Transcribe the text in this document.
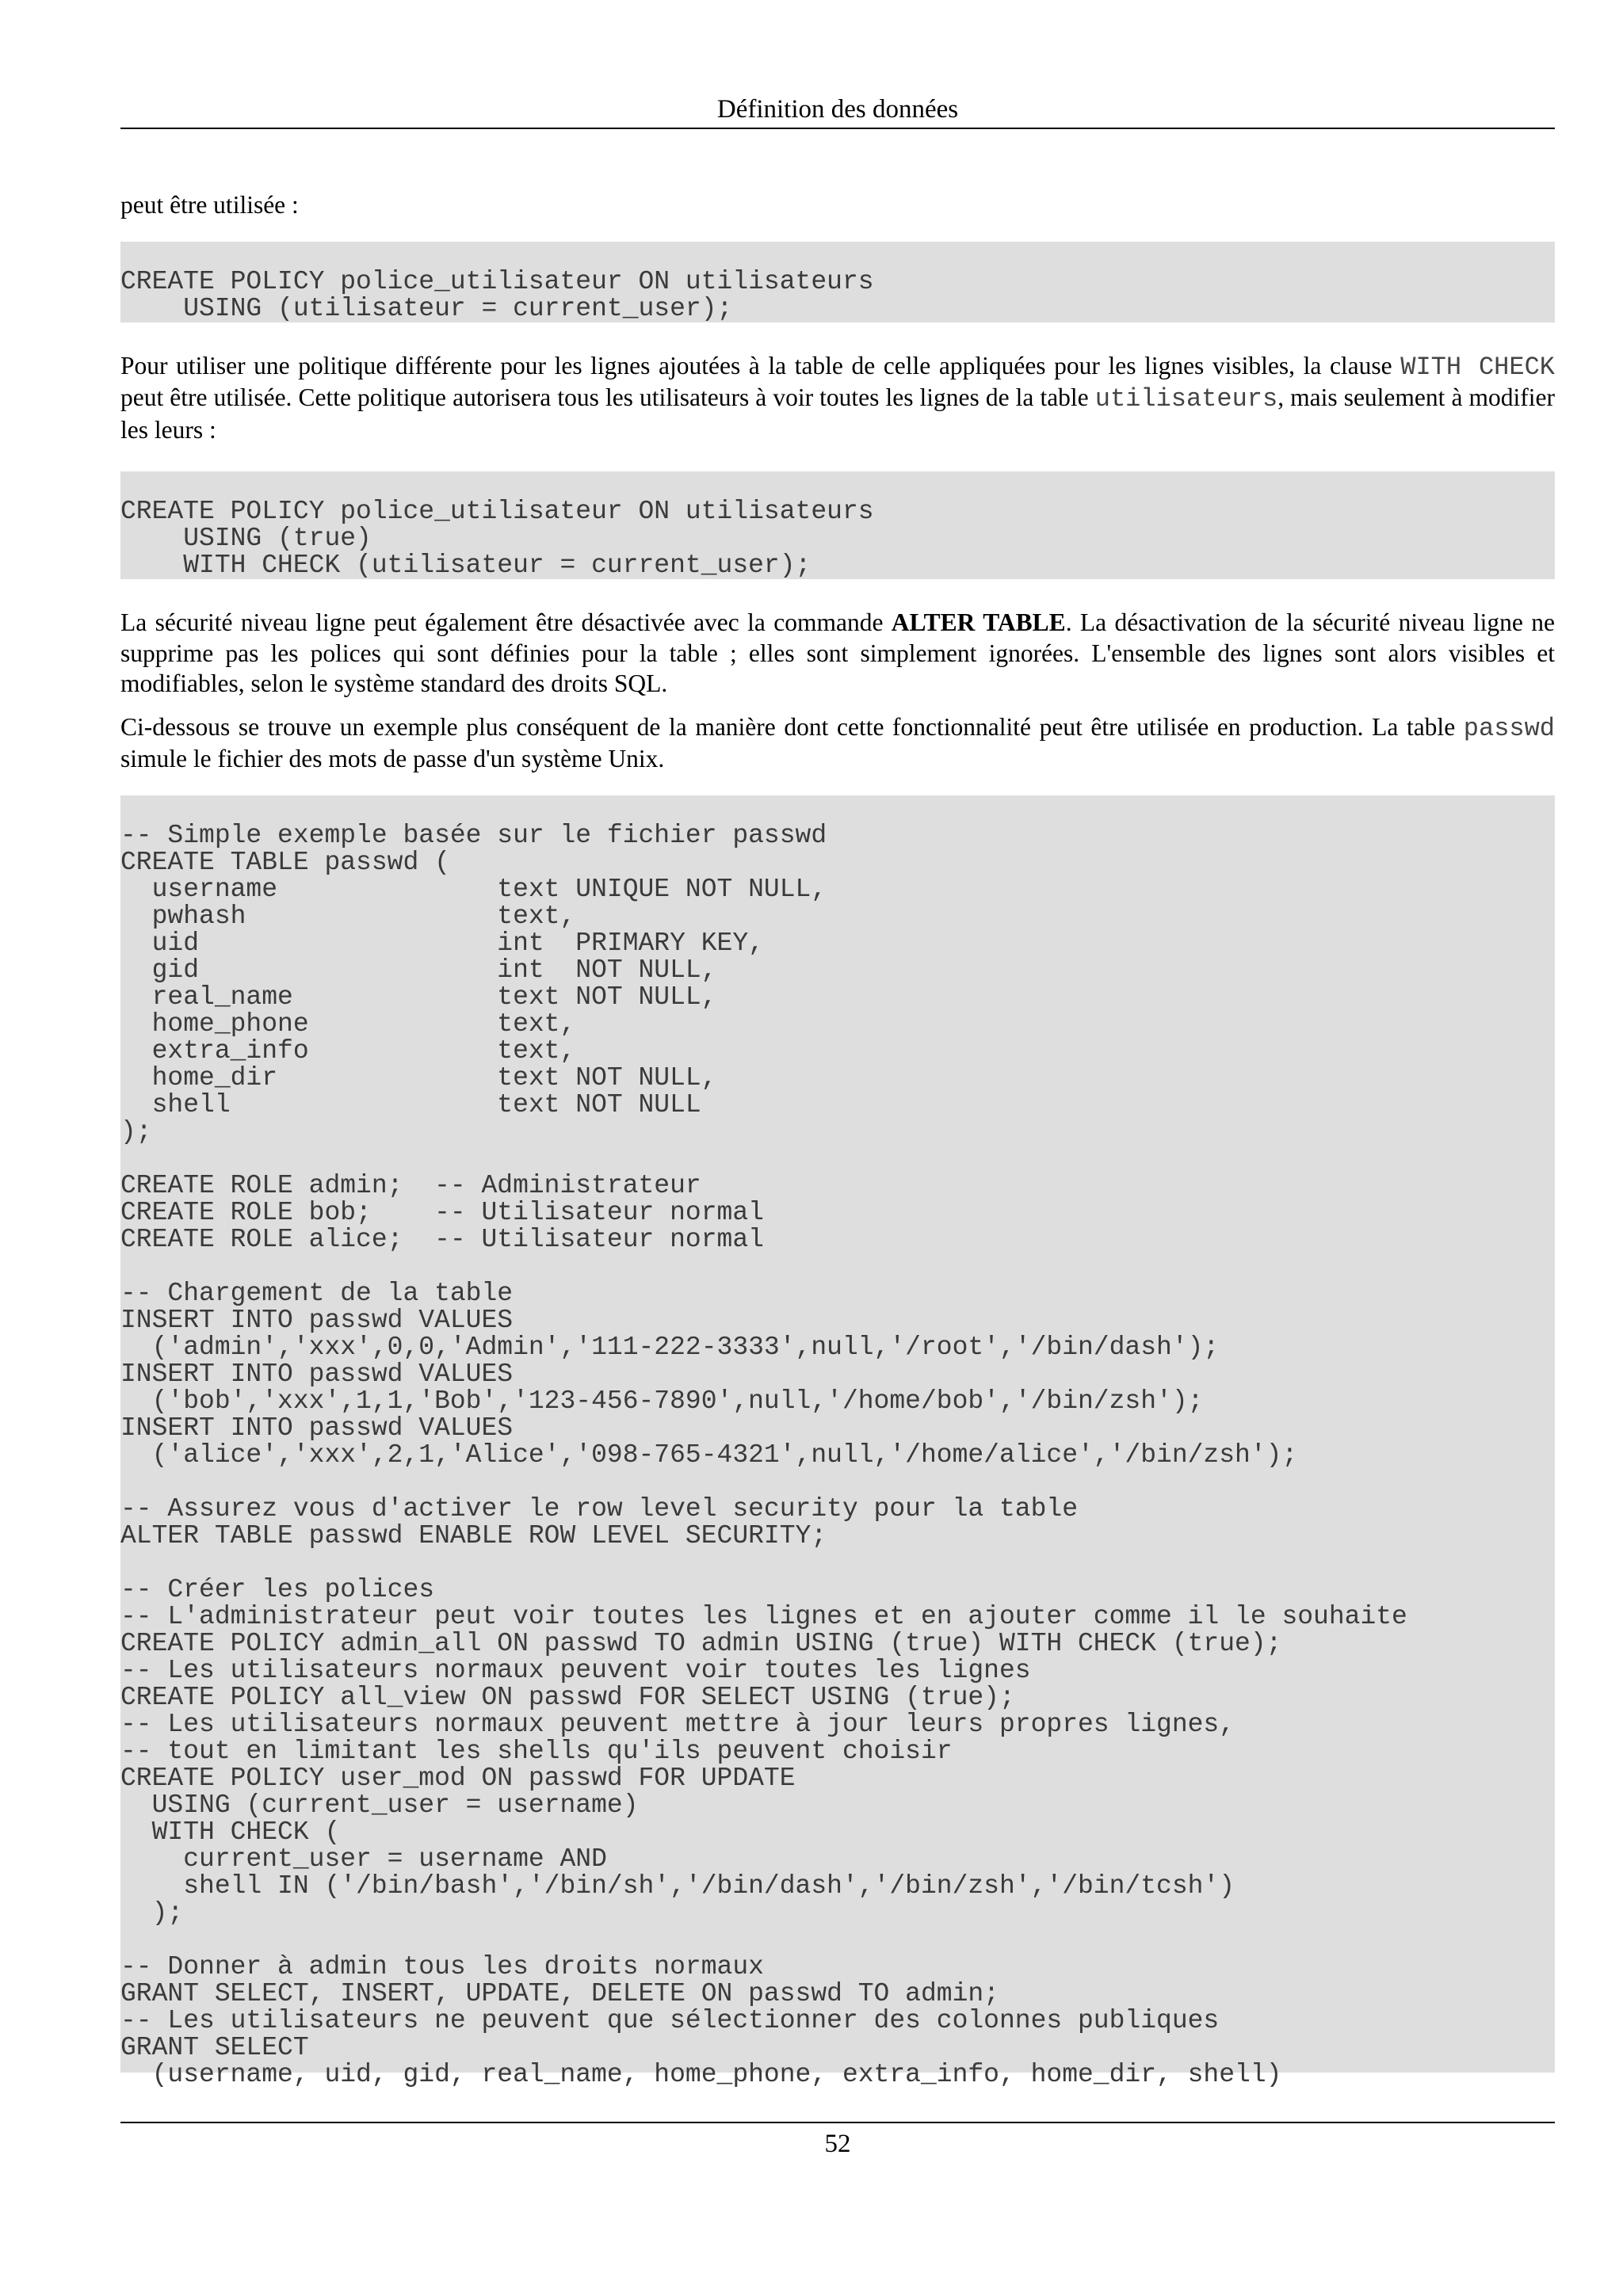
Définition des données

peut être utilisée :

CREATE POLICY police_utilisateur ON utilisateurs
USING (utilisateur = current_user);

Pour utiliser une politique différente pour les lignes ajoutées à la table de celle appliquées pour les lignes visibles, la clause WITH CHECK peut être utilisée. Cette politique autorisera tous les utilisateurs à voir toutes les lignes de la table utilisateurs, mais seulement à modifier les leurs :

CREATE POLICY police_utilisateur ON utilisateurs
USING (true)
WITH CHECK (utilisateur = current_user);

La sécurité niveau ligne peut également être désactivée avec la commande ALTER TABLE. La désactivation de la sécurité niveau ligne ne supprime pas les polices qui sont définies pour la table ; elles sont simplement ignorées. L'ensemble des lignes sont alors visibles et modifiables, selon le système standard des droits SQL.

Ci-dessous se trouve un exemple plus conséquent de la manière dont cette fonctionnalité peut être utilisée en production. La table passwd simule le fichier des mots de passe d'un système Unix.

-- Simple exemple basée sur le fichier passwd
CREATE TABLE passwd (
username              text UNIQUE NOT NULL,
pwhash                text,
uid                   int  PRIMARY KEY,
gid                   int  NOT NULL,
real_name             text NOT NULL,
home_phone            text,
extra_info            text,
home_dir              text NOT NULL,
shell                 text NOT NULL
);

CREATE ROLE admin;  -- Administrateur
CREATE ROLE bob;    -- Utilisateur normal
CREATE ROLE alice;  -- Utilisateur normal

-- Chargement de la table
INSERT INTO passwd VALUES
('admin','xxx',0,0,'Admin','111-222-3333',null,'/root','/bin/dash');
INSERT INTO passwd VALUES
('bob','xxx',1,1,'Bob','123-456-7890',null,'/home/bob','/bin/zsh');
INSERT INTO passwd VALUES
('alice','xxx',2,1,'Alice','098-765-4321',null,'/home/alice','/bin/zsh');

-- Assurez vous d'activer le row level security pour la table
ALTER TABLE passwd ENABLE ROW LEVEL SECURITY;

-- Créer les polices
-- L'administrateur peut voir toutes les lignes et en ajouter comme il le souhaite
CREATE POLICY admin_all ON passwd TO admin USING (true) WITH CHECK (true);
-- Les utilisateurs normaux peuvent voir toutes les lignes
CREATE POLICY all_view ON passwd FOR SELECT USING (true);
-- Les utilisateurs normaux peuvent mettre à jour leurs propres lignes,
-- tout en limitant les shells qu'ils peuvent choisir
CREATE POLICY user_mod ON passwd FOR UPDATE
USING (current_user = username)
WITH CHECK (
current_user = username AND
shell IN ('/bin/bash','/bin/sh','/bin/dash','/bin/zsh','/bin/tcsh')
);

-- Donner à admin tous les droits normaux
GRANT SELECT, INSERT, UPDATE, DELETE ON passwd TO admin;
-- Les utilisateurs ne peuvent que sélectionner des colonnes publiques
GRANT SELECT
(username, uid, gid, real_name, home_phone, extra_info, home_dir, shell)
52
